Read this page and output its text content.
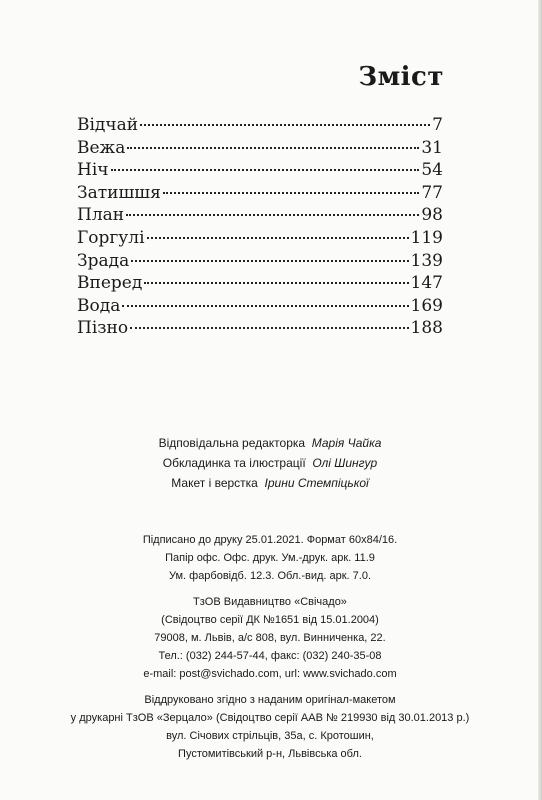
Зміст
Відчай	7
Вежа	31
Ніч	54
Затишшя	77
План	98
Горгулі	119
Зрада	139
Вперед	147
Вода	169
Пізно	188
Відповідальна редакторка Марія Чайка
Обкладинка та ілюстрації Олі Шингур
Макет і верстка Ірини Стемпіцької
Підписано до друку 25.01.2021. Формат 60x84/16.
Папір офс. Офс. друк. Ум.-друк. арк. 11.9
Ум. фарбовідб. 12.3. Обл.-вид. арк. 7.0.
ТзОВ Видавництво «Свічадо»
(Свідоцтво серії ДК №1651 від 15.01.2004)
79008, м. Львів, а/с 808, вул. Винниченка, 22.
Тел.: (032) 244-57-44, факс: (032) 240-35-08
e-mail: post@svichado.com, url: www.svichado.com
Віддруковано згідно з наданим оригінал-макетом
у друкарні ТзОВ «Зерцало» (Свідоцтво серії ААВ № 219930 від 30.01.2013 р.)
вул. Січових стрільців, 35а, с. Кротошин,
Пустомитівський р-н, Львівська обл.
